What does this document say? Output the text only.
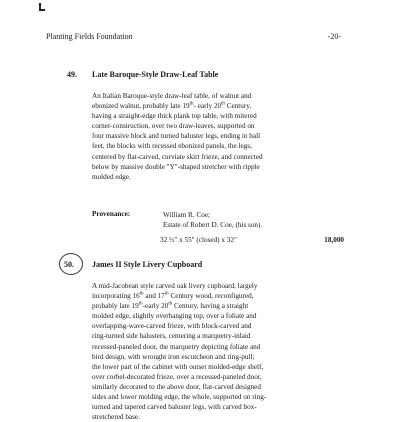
Planting Fields Foundation	-20-
49. Late Baroque-Style Draw-Leaf Table
An Italian Baroque-style draw-leaf table, of walnut and
ebonized walnut, probably late 19th- early 20th Century,
having a straight-edge thick plank top table, with mitered
corner-construction, over two draw-leaves, supported on
four massive block and turned baluster legs, ending in ball
feet, the blocks with recessed ebonized panels, the legs,
centered by flat-carved, curviate skirt frieze, and connected
below by massive double "Y"-shaped stretcher with ripple
molded edge.
32 ½" x 55" (closed) x 32"	18,000
Provenance:	William R. Coe;
Estate of Robert D. Coe, (his son).
50. James II Style Livery Cupboard
A mid-Jacobean style carved oak livery cupboard, largely
incorporating 16th and 17th Century wood, reconfigured,
probably late 19th-early 20th Century, having a straight
molded edge, slightly overhanging top, over a foliate and
overlapping-wave-carved frieze, with block-carved and
ring-turned side balusters, centering a marquetry-inlaid
recessed-paneled door, the marquetry depicting foliate and
bird design, with wrought iron escutcheon and ring-pull;
the lower part of the cabinet with outset molded-edge shelf,
over corbel-decorated frieze, over a recessed-paneled door,
similarly decorated to the above door, flat-carved designed
sides and lower molding edge, the whole, supported on ring-
turned and tapered carved baluster legs, with carved box-
stretchered base.
